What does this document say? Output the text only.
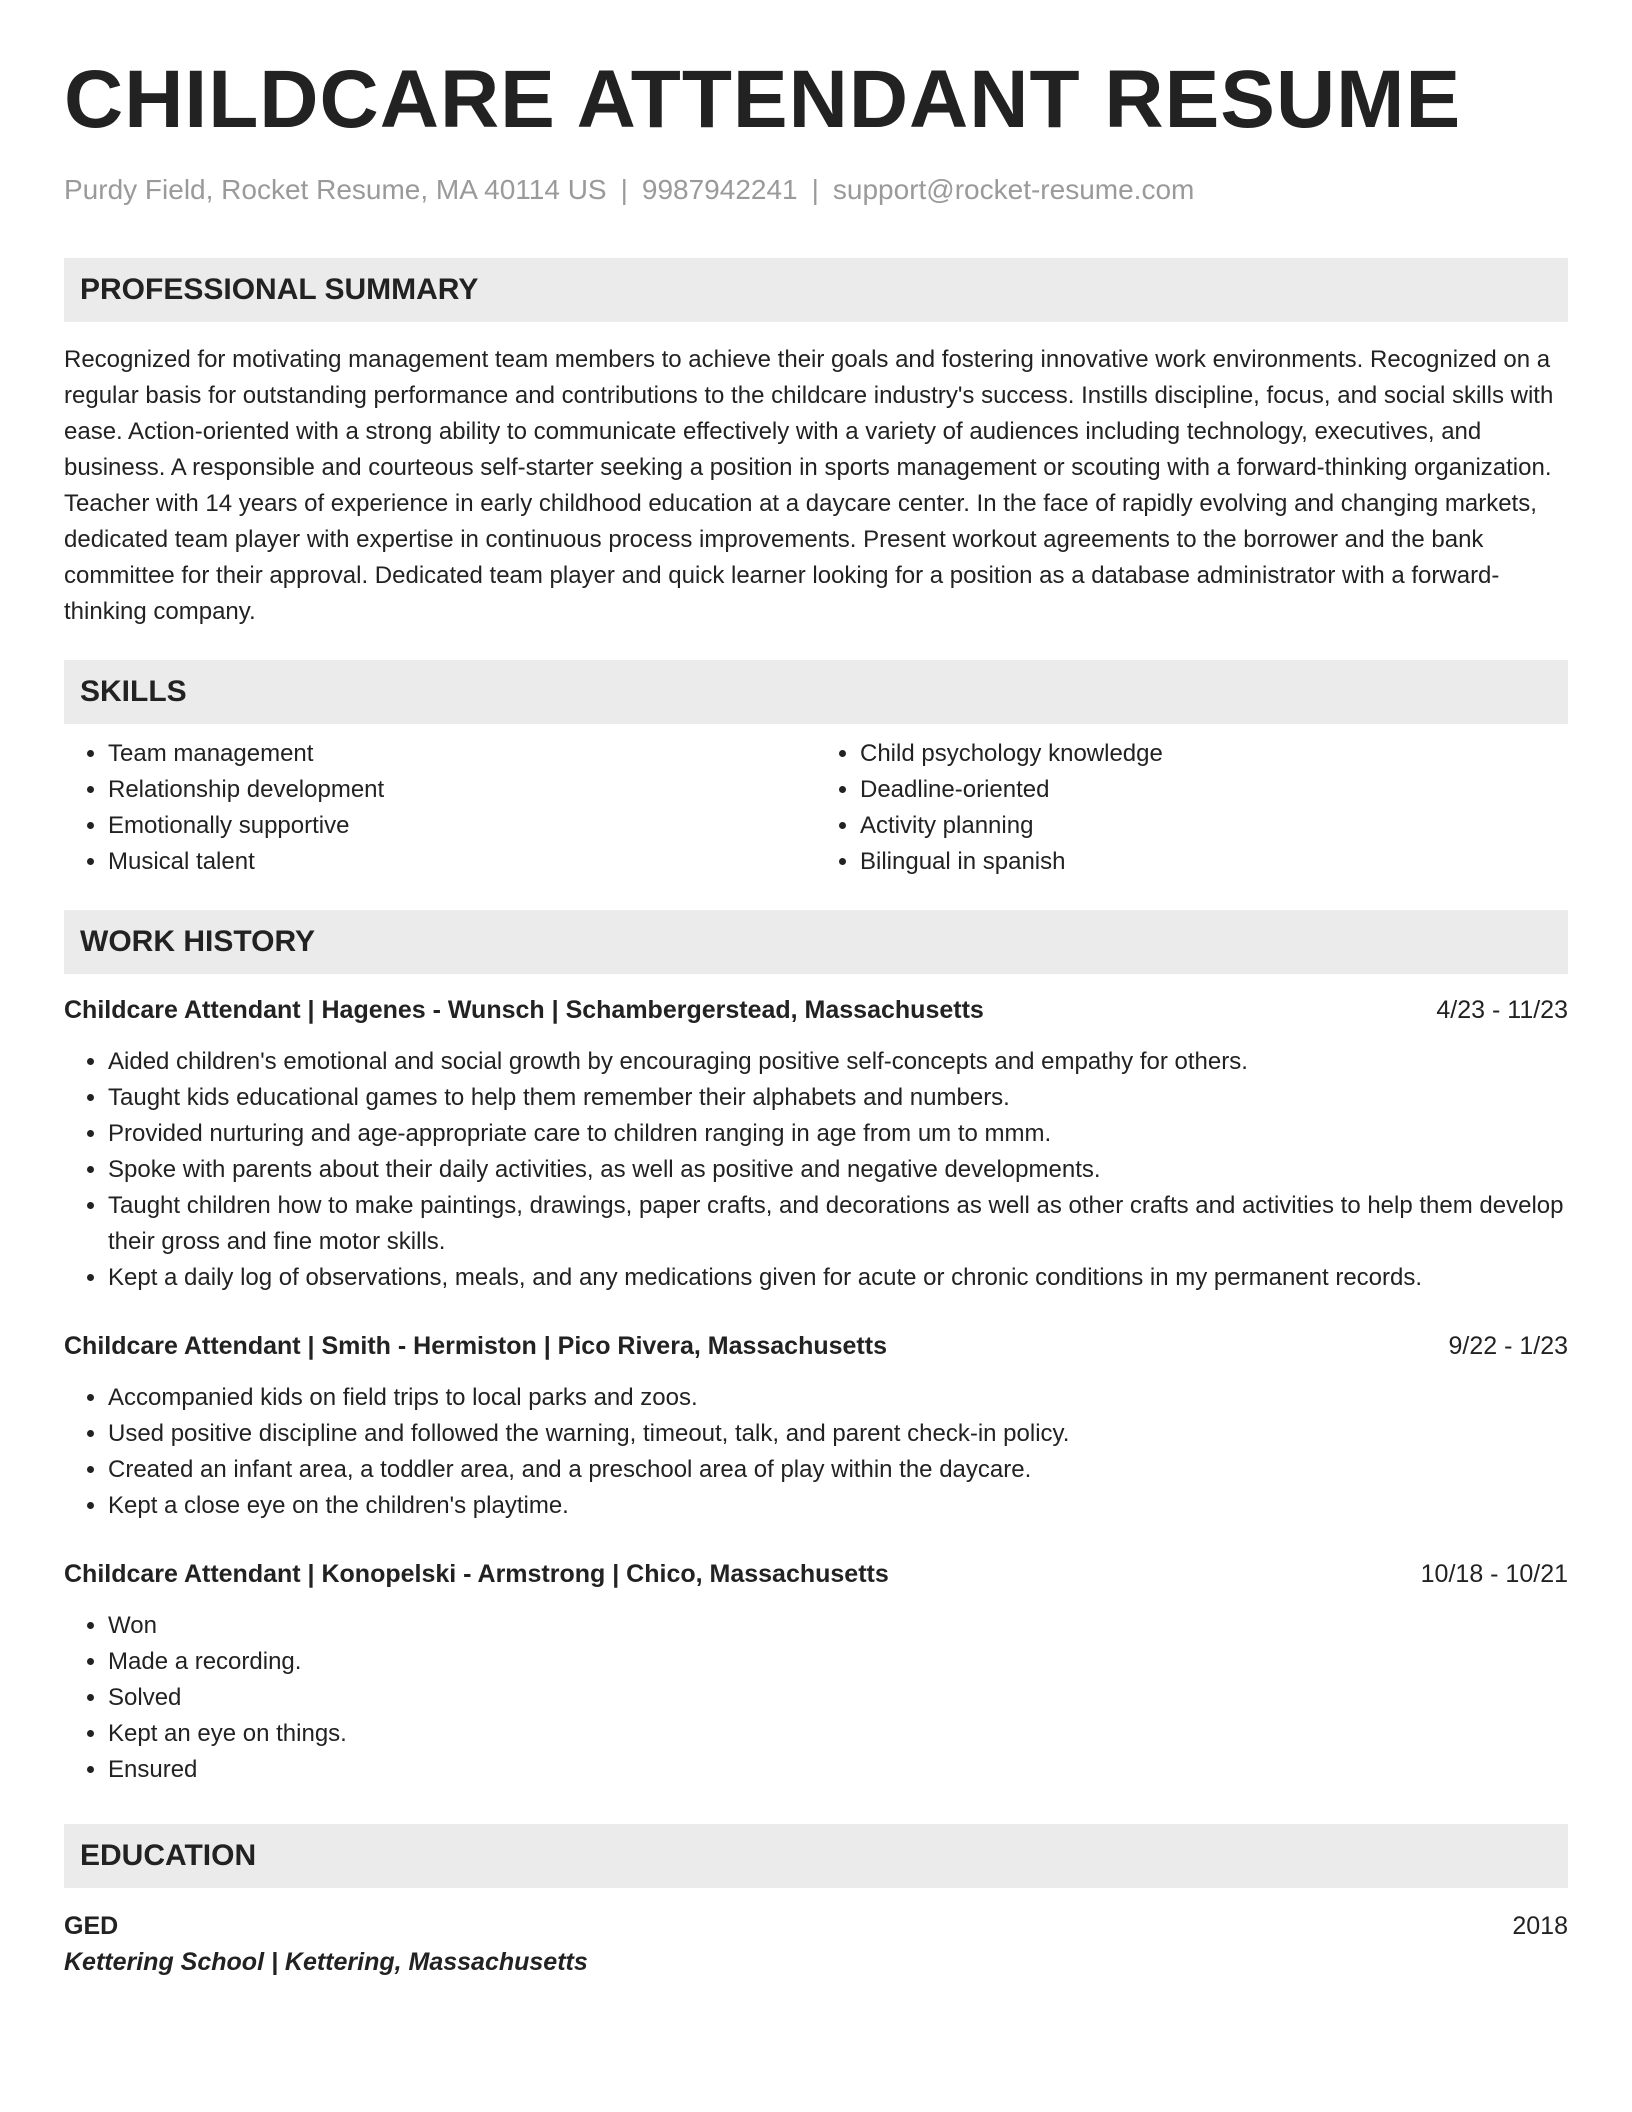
CHILDCARE ATTENDANT RESUME
Purdy Field, Rocket Resume, MA 40114 US | 9987942241 | support@rocket-resume.com
PROFESSIONAL SUMMARY
Recognized for motivating management team members to achieve their goals and fostering innovative work environments. Recognized on a regular basis for outstanding performance and contributions to the childcare industry's success. Instills discipline, focus, and social skills with ease. Action-oriented with a strong ability to communicate effectively with a variety of audiences including technology, executives, and business. A responsible and courteous self-starter seeking a position in sports management or scouting with a forward-thinking organization. Teacher with 14 years of experience in early childhood education at a daycare center. In the face of rapidly evolving and changing markets, dedicated team player with expertise in continuous process improvements. Present workout agreements to the borrower and the bank committee for their approval. Dedicated team player and quick learner looking for a position as a database administrator with a forward-thinking company.
SKILLS
• Team management
• Relationship development
• Emotionally supportive
• Musical talent
• Child psychology knowledge
• Deadline-oriented
• Activity planning
• Bilingual in spanish
WORK HISTORY
Childcare Attendant | Hagenes - Wunsch | Schambergerstead, Massachusetts	4/23 - 11/23
• Aided children's emotional and social growth by encouraging positive self-concepts and empathy for others.
• Taught kids educational games to help them remember their alphabets and numbers.
• Provided nurturing and age-appropriate care to children ranging in age from um to mmm.
• Spoke with parents about their daily activities, as well as positive and negative developments.
• Taught children how to make paintings, drawings, paper crafts, and decorations as well as other crafts and activities to help them develop their gross and fine motor skills.
• Kept a daily log of observations, meals, and any medications given for acute or chronic conditions in my permanent records.
Childcare Attendant | Smith - Hermiston | Pico Rivera, Massachusetts	9/22 - 1/23
• Accompanied kids on field trips to local parks and zoos.
• Used positive discipline and followed the warning, timeout, talk, and parent check-in policy.
• Created an infant area, a toddler area, and a preschool area of play within the daycare.
• Kept a close eye on the children's playtime.
Childcare Attendant | Konopelski - Armstrong | Chico, Massachusetts	10/18 - 10/21
• Won
• Made a recording.
• Solved
• Kept an eye on things.
• Ensured
EDUCATION
GED	2018
Kettering School | Kettering, Massachusetts
